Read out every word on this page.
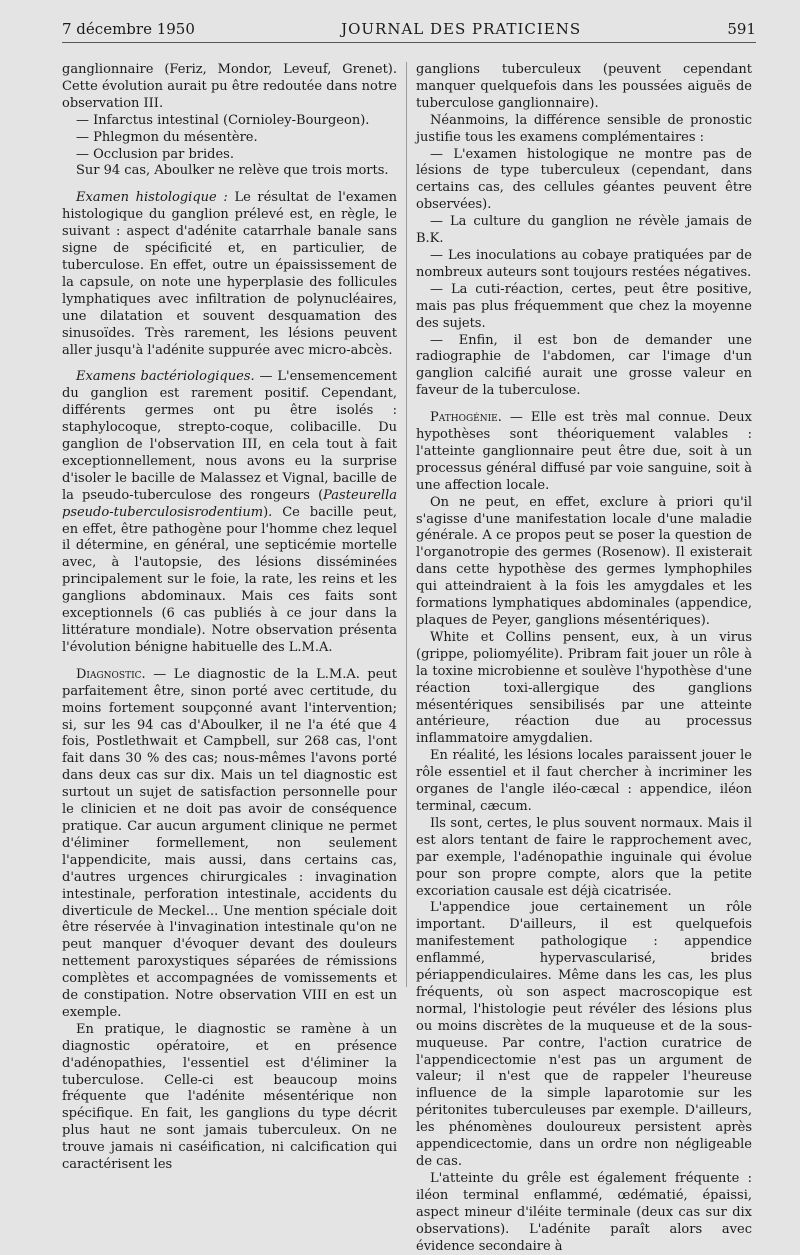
7 décembre 1950	JOURNAL DES PRATICIENS	591

ganglionnaire (Feriz, Mondor, Leveuf, Grenet). Cette évolution aurait pu être redoutée dans notre observation III.

— Infarctus intestinal (Cornioley-Bourgeon).

— Phlegmon du mésentère.

— Occlusion par brides.

Sur 94 cas, Aboulker ne relève que trois morts.

Examen histologique : Le résultat de l'examen histologique du ganglion prélevé est, en règle, le suivant : aspect d'adénite catarrhale banale sans signe de spécificité et, en particulier, de tuberculose. En effet, outre un épaississement de la capsule, on note une hyperplasie des follicules lymphatiques avec infiltration de polynucléaires, une dilatation et souvent desquamation des sinusoïdes. Très rarement, les lésions peuvent aller jusqu'à l'adénite suppurée avec micro-abcès.

Examens bactériologiques. — L'ensemencement du ganglion est rarement positif. Cependant, différents germes ont pu être isolés : staphylocoque, strepto-coque, colibacille. Du ganglion de l'observation III, en cela tout à fait exceptionnellement, nous avons eu la surprise d'isoler le bacille de Malassez et Vignal, bacille de la pseudo-tuberculose des rongeurs (Pasteurella pseudo-tuberculosisrodentium). Ce bacille peut, en effet, être pathogène pour l'homme chez lequel il détermine, en général, une septicémie mortelle avec, à l'autopsie, des lésions disséminées principalement sur le foie, la rate, les reins et les ganglions abdominaux. Mais ces faits sont exceptionnels (6 cas publiés à ce jour dans la littérature mondiale). Notre observation présenta l'évolution bénigne habituelle des L.M.A.

Diagnostic. — Le diagnostic de la L.M.A. peut parfaitement être, sinon porté avec certitude, du moins fortement soupçonné avant l'intervention; si, sur les 94 cas d'Aboulker, il ne l'a été que 4 fois, Postlethwait et Campbell, sur 268 cas, l'ont fait dans 30 % des cas; nous-mêmes l'avons porté dans deux cas sur dix. Mais un tel diagnostic est surtout un sujet de satisfaction personnelle pour le clinicien et ne doit pas avoir de conséquence pratique. Car aucun argument clinique ne permet d'éliminer formellement, non seulement l'appendicite, mais aussi, dans certains cas, d'autres urgences chirurgicales : invagination intestinale, perforation intestinale, accidents du diverticule de Meckel... Une mention spéciale doit être réservée à l'invagination intestinale qu'on ne peut manquer d'évoquer devant des douleurs nettement paroxystiques séparées de rémissions complètes et accompagnées de vomissements et de constipation. Notre observation VIII en est un exemple.

En pratique, le diagnostic se ramène à un diagnostic opératoire, et en présence d'adénopathies, l'essentiel est d'éliminer la tuberculose. Celle-ci est beaucoup moins fréquente que l'adénite mésentérique non spécifique. En fait, les ganglions du type décrit plus haut ne sont jamais tuberculeux. On ne trouve jamais ni caséification, ni calcification qui caractérisent les

ganglions tuberculeux (peuvent cependant manquer quelquefois dans les poussées aiguës de tuberculose ganglionnaire).

Néanmoins, la différence sensible de pronostic justifie tous les examens complémentaires :

— L'examen histologique ne montre pas de lésions de type tuberculeux (cependant, dans certains cas, des cellules géantes peuvent être observées).

— La culture du ganglion ne révèle jamais de B.K.

— Les inoculations au cobaye pratiquées par de nombreux auteurs sont toujours restées négatives.

— La cuti-réaction, certes, peut être positive, mais pas plus fréquemment que chez la moyenne des sujets.

— Enfin, il est bon de demander une radiographie de l'abdomen, car l'image d'un ganglion calcifié aurait une grosse valeur en faveur de la tuberculose.

Pathogénie. — Elle est très mal connue. Deux hypothèses sont théoriquement valables : l'atteinte ganglionnaire peut être due, soit à un processus général diffusé par voie sanguine, soit à une affection locale.

On ne peut, en effet, exclure à priori qu'il s'agisse d'une manifestation locale d'une maladie générale. A ce propos peut se poser la question de l'organotropie des germes (Rosenow). Il existerait dans cette hypothèse des germes lymphophiles qui atteindraient à la fois les amygdales et les formations lymphatiques abdominales (appendice, plaques de Peyer, ganglions mésentériques).

White et Collins pensent, eux, à un virus (grippe, poliomyélite). Pribram fait jouer un rôle à la toxine microbienne et soulève l'hypothèse d'une réaction toxi-allergique des ganglions mésentériques sensibilisés par une atteinte antérieure, réaction due au processus inflammatoire amygdalien.

En réalité, les lésions locales paraissent jouer le rôle essentiel et il faut chercher à incriminer les organes de l'angle iléo-cæcal : appendice, iléon terminal, cæcum.

Ils sont, certes, le plus souvent normaux. Mais il est alors tentant de faire le rapprochement avec, par exemple, l'adénopathie inguinale qui évolue pour son propre compte, alors que la petite excoriation causale est déjà cicatrisée.

L'appendice joue certainement un rôle important. D'ailleurs, il est quelquefois manifestement pathologique : appendice enflammé, hypervascularisé, brides périappendiculaires. Même dans les cas, les plus fréquents, où son aspect macroscopique est normal, l'histologie peut révéler des lésions plus ou moins discrètes de la muqueuse et de la sous-muqueuse. Par contre, l'action curatrice de l'appendicectomie n'est pas un argument de valeur; il n'est que de rappeler l'heureuse influence de la simple laparotomie sur les péritonites tuberculeuses par exemple. D'ailleurs, les phénomènes douloureux persistent après appendicectomie, dans un ordre non négligeable de cas.

L'atteinte du grêle est également fréquente : iléon terminal enflammé, œdématié, épaissi, aspect mineur d'iléite terminale (deux cas sur dix observations). L'adénite paraît alors avec évidence secondaire à
